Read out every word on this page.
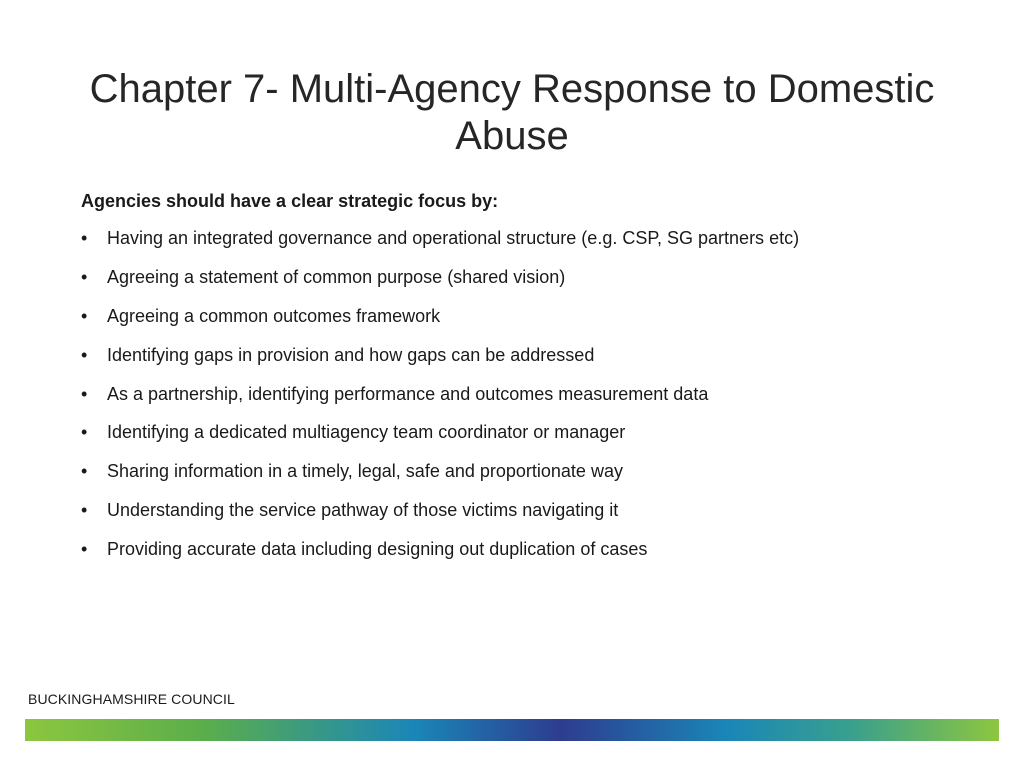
Chapter 7- Multi-Agency Response to Domestic Abuse

Agencies should have a clear strategic focus by:

•	Having an integrated governance and operational structure (e.g. CSP, SG partners etc)
•	Agreeing a statement of common purpose (shared vision)
•	Agreeing a common outcomes framework
•	Identifying gaps in provision and how gaps can be addressed
•	As a partnership, identifying performance and outcomes measurement data
•	Identifying a dedicated multiagency team coordinator or manager
•	Sharing information in a timely, legal, safe and proportionate way
•	Understanding the service pathway of those victims navigating it
•	Providing accurate data including designing out duplication of cases
BUCKINGHAMSHIRE COUNCIL
